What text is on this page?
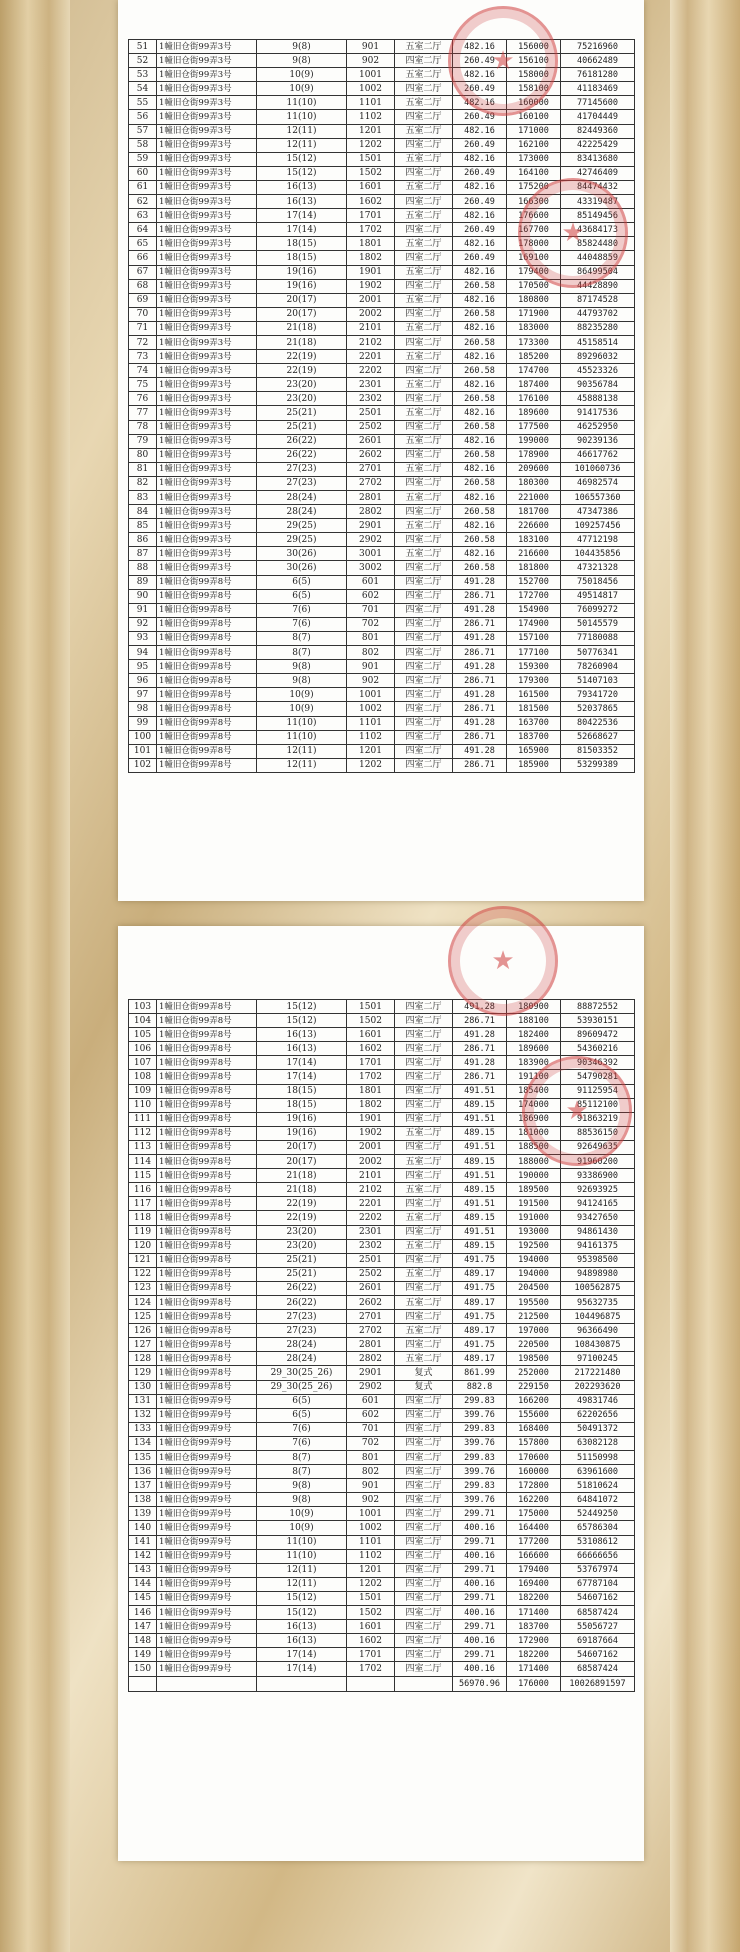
51	1幢旧仓街99弄3号	9(8)	901	五室二厅	482.16	156000	75216960
52	1幢旧仓街99弄3号	9(8)	902	四室二厅	260.49	156100	40662489
53	1幢旧仓街99弄3号	10(9)	1001	五室二厅	482.16	158000	76181280
54	1幢旧仓街99弄3号	10(9)	1002	四室二厅	260.49	158100	41183469
55	1幢旧仓街99弄3号	11(10)	1101	五室二厅	482.16	160000	77145600
56	1幢旧仓街99弄3号	11(10)	1102	四室二厅	260.49	160100	41704449
57	1幢旧仓街99弄3号	12(11)	1201	五室二厅	482.16	171000	82449360
58	1幢旧仓街99弄3号	12(11)	1202	四室二厅	260.49	162100	42225429
59	1幢旧仓街99弄3号	15(12)	1501	五室二厅	482.16	173000	83413680
60	1幢旧仓街99弄3号	15(12)	1502	四室二厅	260.49	164100	42746409
61	1幢旧仓街99弄3号	16(13)	1601	五室二厅	482.16	175200	84474432
62	1幢旧仓街99弄3号	16(13)	1602	四室二厅	260.49	166300	43319487
63	1幢旧仓街99弄3号	17(14)	1701	五室二厅	482.16	176600	85149456
64	1幢旧仓街99弄3号	17(14)	1702	四室二厅	260.49	167700	43684173
65	1幢旧仓街99弄3号	18(15)	1801	五室二厅	482.16	178000	85824480
66	1幢旧仓街99弄3号	18(15)	1802	四室二厅	260.49	169100	44048859
67	1幢旧仓街99弄3号	19(16)	1901	五室二厅	482.16	179400	86499504
68	1幢旧仓街99弄3号	19(16)	1902	四室二厅	260.58	170500	44428890
69	1幢旧仓街99弄3号	20(17)	2001	五室二厅	482.16	180800	87174528
70	1幢旧仓街99弄3号	20(17)	2002	四室二厅	260.58	171900	44793702
71	1幢旧仓街99弄3号	21(18)	2101	五室二厅	482.16	183000	88235280
72	1幢旧仓街99弄3号	21(18)	2102	四室二厅	260.58	173300	45158514
73	1幢旧仓街99弄3号	22(19)	2201	五室二厅	482.16	185200	89296032
74	1幢旧仓街99弄3号	22(19)	2202	四室二厅	260.58	174700	45523326
75	1幢旧仓街99弄3号	23(20)	2301	五室二厅	482.16	187400	90356784
76	1幢旧仓街99弄3号	23(20)	2302	四室二厅	260.58	176100	45888138
77	1幢旧仓街99弄3号	25(21)	2501	五室二厅	482.16	189600	91417536
78	1幢旧仓街99弄3号	25(21)	2502	四室二厅	260.58	177500	46252950
79	1幢旧仓街99弄3号	26(22)	2601	五室二厅	482.16	199000	90239136
80	1幢旧仓街99弄3号	26(22)	2602	四室二厅	260.58	178900	46617762
81	1幢旧仓街99弄3号	27(23)	2701	五室二厅	482.16	209600	101060736
82	1幢旧仓街99弄3号	27(23)	2702	四室二厅	260.58	180300	46982574
83	1幢旧仓街99弄3号	28(24)	2801	五室二厅	482.16	221000	106557360
84	1幢旧仓街99弄3号	28(24)	2802	四室二厅	260.58	181700	47347386
85	1幢旧仓街99弄3号	29(25)	2901	五室二厅	482.16	226600	109257456
86	1幢旧仓街99弄3号	29(25)	2902	四室二厅	260.58	183100	47712198
87	1幢旧仓街99弄3号	30(26)	3001	五室二厅	482.16	216600	104435856
88	1幢旧仓街99弄3号	30(26)	3002	四室二厅	260.58	181800	47321328
89	1幢旧仓街99弄8号	6(5)	601	四室二厅	491.28	152700	75018456
90	1幢旧仓街99弄8号	6(5)	602	四室二厅	286.71	172700	49514817
91	1幢旧仓街99弄8号	7(6)	701	四室二厅	491.28	154900	76099272
92	1幢旧仓街99弄8号	7(6)	702	四室二厅	286.71	174900	50145579
93	1幢旧仓街99弄8号	8(7)	801	四室二厅	491.28	157100	77180088
94	1幢旧仓街99弄8号	8(7)	802	四室二厅	286.71	177100	50776341
95	1幢旧仓街99弄8号	9(8)	901	四室二厅	491.28	159300	78260904
96	1幢旧仓街99弄8号	9(8)	902	四室二厅	286.71	179300	51407103
97	1幢旧仓街99弄8号	10(9)	1001	四室二厅	491.28	161500	79341720
98	1幢旧仓街99弄8号	10(9)	1002	四室二厅	286.71	181500	52037865
99	1幢旧仓街99弄8号	11(10)	1101	四室二厅	491.28	163700	80422536
100	1幢旧仓街99弄8号	11(10)	1102	四室二厅	286.71	183700	52668627
101	1幢旧仓街99弄8号	12(11)	1201	四室二厅	491.28	165900	81503352
102	1幢旧仓街99弄8号	12(11)	1202	四室二厅	286.71	185900	53299389
★
★
103	1幢旧仓街99弄8号	15(12)	1501	四室二厅	491.28	180900	88872552
104	1幢旧仓街99弄8号	15(12)	1502	四室二厅	286.71	188100	53930151
105	1幢旧仓街99弄8号	16(13)	1601	四室二厅	491.28	182400	89609472
106	1幢旧仓街99弄8号	16(13)	1602	四室二厅	286.71	189600	54360216
107	1幢旧仓街99弄8号	17(14)	1701	四室二厅	491.28	183900	90346392
108	1幢旧仓街99弄8号	17(14)	1702	四室二厅	286.71	191100	54790281
109	1幢旧仓街99弄8号	18(15)	1801	四室二厅	491.51	185400	91125954
110	1幢旧仓街99弄8号	18(15)	1802	四室二厅	489.15	174000	85112100
111	1幢旧仓街99弄8号	19(16)	1901	四室二厅	491.51	186900	91863219
112	1幢旧仓街99弄8号	19(16)	1902	五室二厅	489.15	181000	88536150
113	1幢旧仓街99弄8号	20(17)	2001	四室二厅	491.51	188500	92649635
114	1幢旧仓街99弄8号	20(17)	2002	五室二厅	489.15	188000	91960200
115	1幢旧仓街99弄8号	21(18)	2101	四室二厅	491.51	190000	93386900
116	1幢旧仓街99弄8号	21(18)	2102	五室二厅	489.15	189500	92693925
117	1幢旧仓街99弄8号	22(19)	2201	四室二厅	491.51	191500	94124165
118	1幢旧仓街99弄8号	22(19)	2202	五室二厅	489.15	191000	93427650
119	1幢旧仓街99弄8号	23(20)	2301	四室二厅	491.51	193000	94861430
120	1幢旧仓街99弄8号	23(20)	2302	五室二厅	489.15	192500	94161375
121	1幢旧仓街99弄8号	25(21)	2501	四室二厅	491.75	194000	95398500
122	1幢旧仓街99弄8号	25(21)	2502	五室二厅	489.17	194000	94898980
123	1幢旧仓街99弄8号	26(22)	2601	四室二厅	491.75	204500	100562875
124	1幢旧仓街99弄8号	26(22)	2602	五室二厅	489.17	195500	95632735
125	1幢旧仓街99弄8号	27(23)	2701	四室二厅	491.75	212500	104496875
126	1幢旧仓街99弄8号	27(23)	2702	五室二厅	489.17	197000	96366490
127	1幢旧仓街99弄8号	28(24)	2801	四室二厅	491.75	220500	108430875
128	1幢旧仓街99弄8号	28(24)	2802	五室二厅	489.17	198500	97100245
129	1幢旧仓街99弄8号	29_30(25_26)	2901	复式	861.99	252000	217221480
130	1幢旧仓街99弄8号	29_30(25_26)	2902	复式	882.8	229150	202293620
131	1幢旧仓街99弄9号	6(5)	601	四室二厅	299.83	166200	49831746
132	1幢旧仓街99弄9号	6(5)	602	四室二厅	399.76	155600	62202656
133	1幢旧仓街99弄9号	7(6)	701	四室二厅	299.83	168400	50491372
134	1幢旧仓街99弄9号	7(6)	702	四室二厅	399.76	157800	63082128
135	1幢旧仓街99弄9号	8(7)	801	四室二厅	299.83	170600	51150998
136	1幢旧仓街99弄9号	8(7)	802	四室二厅	399.76	160000	63961600
137	1幢旧仓街99弄9号	9(8)	901	四室二厅	299.83	172800	51810624
138	1幢旧仓街99弄9号	9(8)	902	四室二厅	399.76	162200	64841072
139	1幢旧仓街99弄9号	10(9)	1001	四室二厅	299.71	175000	52449250
140	1幢旧仓街99弄9号	10(9)	1002	四室二厅	400.16	164400	65786304
141	1幢旧仓街99弄9号	11(10)	1101	四室二厅	299.71	177200	53108612
142	1幢旧仓街99弄9号	11(10)	1102	四室二厅	400.16	166600	66666656
143	1幢旧仓街99弄9号	12(11)	1201	四室二厅	299.71	179400	53767974
144	1幢旧仓街99弄9号	12(11)	1202	四室二厅	400.16	169400	67787104
145	1幢旧仓街99弄9号	15(12)	1501	四室二厅	299.71	182200	54607162
146	1幢旧仓街99弄9号	15(12)	1502	四室二厅	400.16	171400	68587424
147	1幢旧仓街99弄9号	16(13)	1601	四室二厅	299.71	183700	55056727
148	1幢旧仓街99弄9号	16(13)	1602	四室二厅	400.16	172900	69187664
149	1幢旧仓街99弄9号	17(14)	1701	四室二厅	299.71	182200	54607162
150	1幢旧仓街99弄9号	17(14)	1702	四室二厅	400.16	171400	68587424
					56970.96	176000	10026891597
★
★
